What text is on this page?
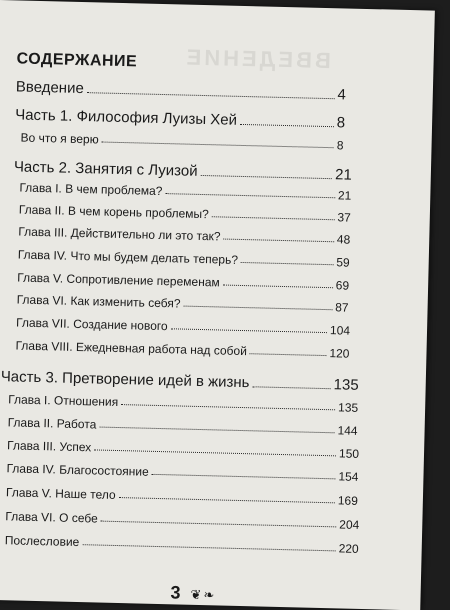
ВВЕДЕНИЕ
СОДЕРЖАНИЕ
Введение	4
Часть 1. Философия Луизы Хей	8
Во что я верю	8
Часть 2. Занятия с Луизой	21
Глава I. В чем проблема?	21
Глава II. В чем корень проблемы?	37
Глава III. Действительно ли это так?	48
Глава IV. Что мы будем делать теперь?	59
Глава V. Сопротивление переменам	69
Глава VI. Как изменить себя?	87
Глава VII. Создание нового	104
Глава VIII. Ежедневная работа над собой	120
Часть 3. Претворение идей в жизнь	135
Глава I. Отношения	135
Глава II. Работа	144
Глава III. Успех	150
Глава IV. Благосостояние	154
Глава V. Наше тело	169
Глава VI. О себе	204
Послесловие	220
3 ❦❧
